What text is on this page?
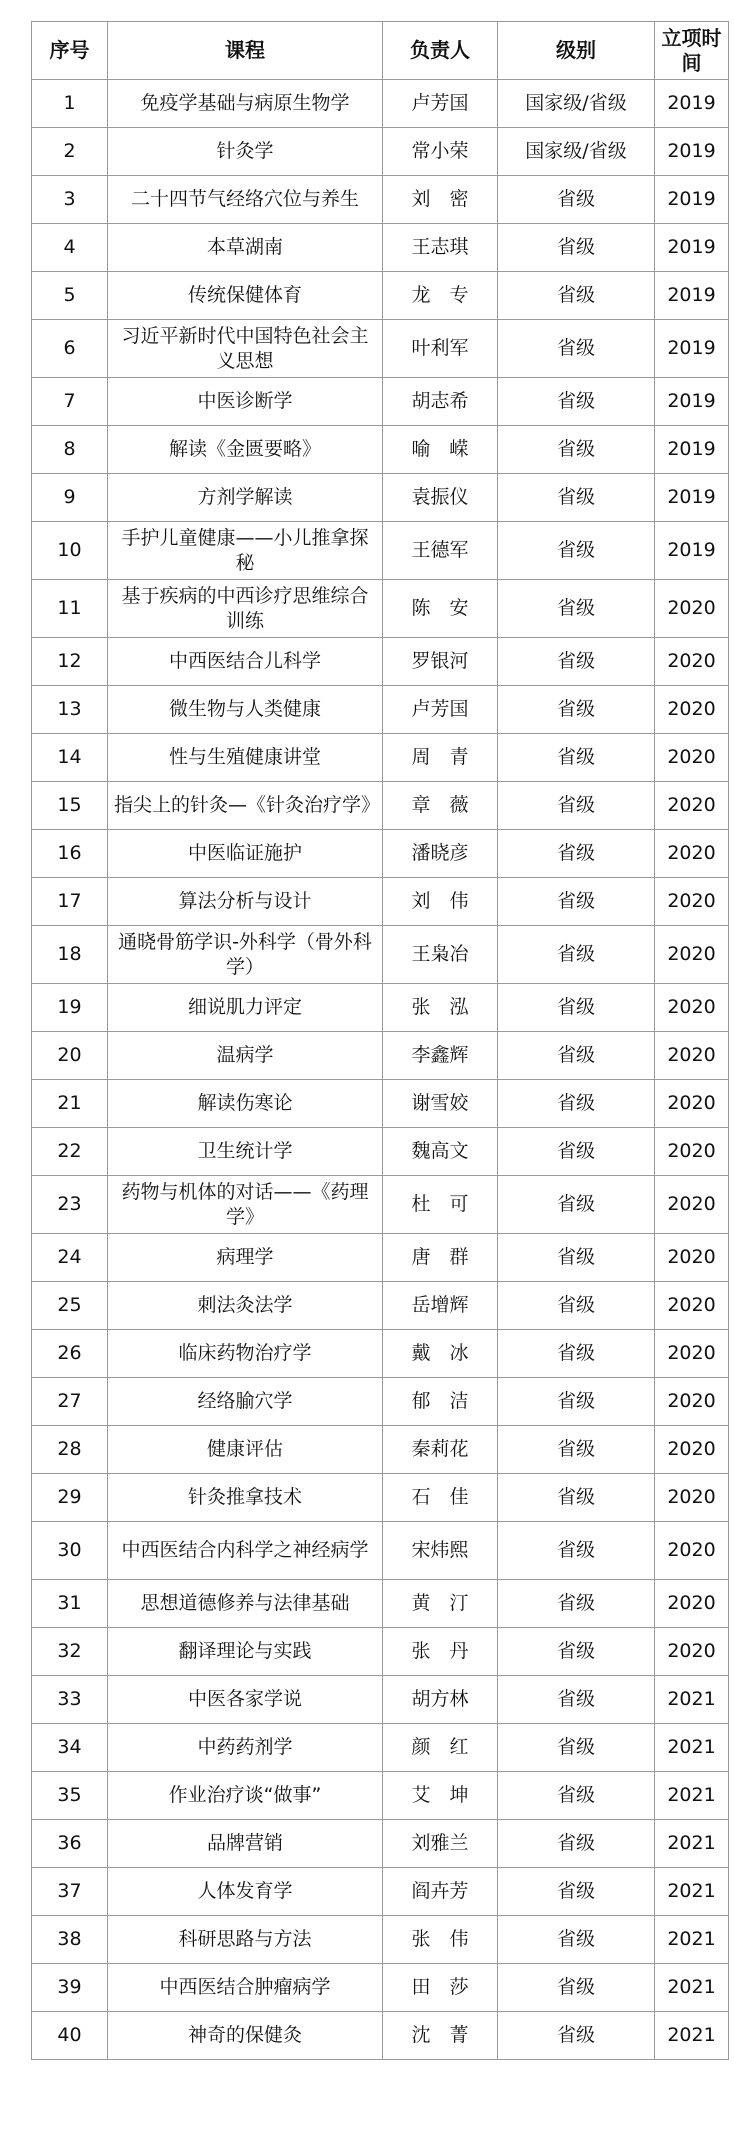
序号	课程	负责人	级别	立项时间
1	免疫学基础与病原生物学	卢芳国	国家级/省级	2019
2	针灸学	常小荣	国家级/省级	2019
3	二十四节气经络穴位与养生	刘　密	省级	2019
4	本草湖南	王志琪	省级	2019
5	传统保健体育	龙　专	省级	2019
6	习近平新时代中国特色社会主义思想	叶利军	省级	2019
7	中医诊断学	胡志希	省级	2019
8	解读《金匮要略》	喻　嵘	省级	2019
9	方剂学解读	袁振仪	省级	2019
10	手护儿童健康——小儿推拿探秘	王德军	省级	2019
11	基于疾病的中西诊疗思维综合训练	陈　安	省级	2020
12	中西医结合儿科学	罗银河	省级	2020
13	微生物与人类健康	卢芳国	省级	2020
14	性与生殖健康讲堂	周　青	省级	2020
15	指尖上的针灸—《针灸治疗学》	章　薇	省级	2020
16	中医临证施护	潘晓彦	省级	2020
17	算法分析与设计	刘　伟	省级	2020
18	通晓骨筋学识-外科学（骨外科学）	王枭冶	省级	2020
19	细说肌力评定	张　泓	省级	2020
20	温病学	李鑫辉	省级	2020
21	解读伤寒论	谢雪姣	省级	2020
22	卫生统计学	魏高文	省级	2020
23	药物与机体的对话——《药理学》	杜　可	省级	2020
24	病理学	唐　群	省级	2020
25	刺法灸法学	岳增辉	省级	2020
26	临床药物治疗学	戴　冰	省级	2020
27	经络腧穴学	郁　洁	省级	2020
28	健康评估	秦莉花	省级	2020
29	针灸推拿技术	石　佳	省级	2020
30	中西医结合内科学之神经病学	宋炜熙	省级	2020
31	思想道德修养与法律基础	黄　汀	省级	2020
32	翻译理论与实践	张　丹	省级	2020
33	中医各家学说	胡方林	省级	2021
34	中药药剂学	颜　红	省级	2021
35	作业治疗谈“做事”	艾　坤	省级	2021
36	品牌营销	刘雅兰	省级	2021
37	人体发育学	阎卉芳	省级	2021
38	科研思路与方法	张　伟	省级	2021
39	中西医结合肿瘤病学	田　莎	省级	2021
40	神奇的保健灸	沈　菁	省级	2021
